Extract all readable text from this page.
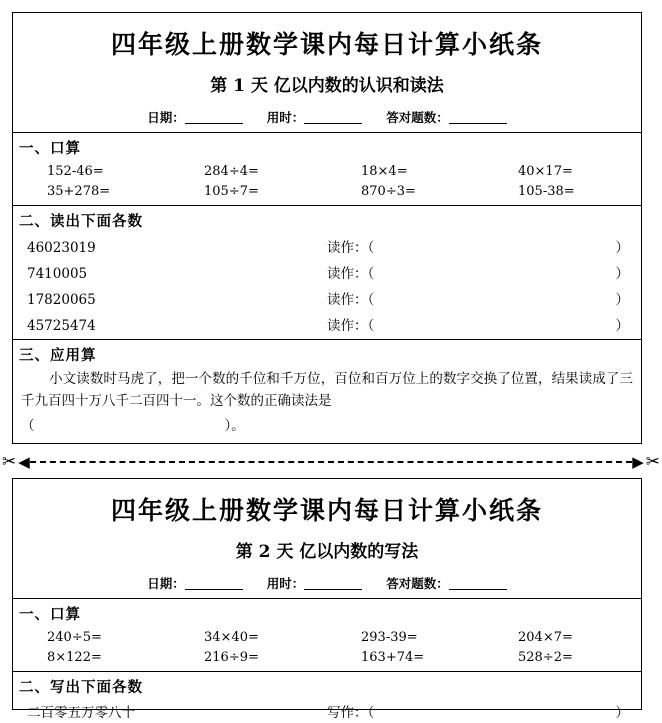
四年级上册数学课内每日计算小纸条
第 1 天 亿以内数的认识和读法
日期：	用时：	答对题数：
一、口算
152-46=	284÷4=	18×4=	40×17=
35+278=	105÷7=	870÷3=	105-38=
二、读出下面各数
46023019	读作：（	）
7410005	读作：（	）
17820065	读作：（	）
45725474	读作：（	）
三、应用算
小文读数时马虎了，把一个数的千位和千万位，百位和百万位上的数字交换了位置，结果读成了三千九百四十万八千二百四十一。这个数的正确读法是
（	）。
✂ ◀	▶ ✂
四年级上册数学课内每日计算小纸条
第 2 天 亿以内数的写法
日期：	用时：	答对题数：
一、口算
240÷5=	34×40=	293-39=	204×7=
8×122=	216÷9=	163+74=	528÷2=
二、写出下面各数
二百零五万零八十	写作：（	）
